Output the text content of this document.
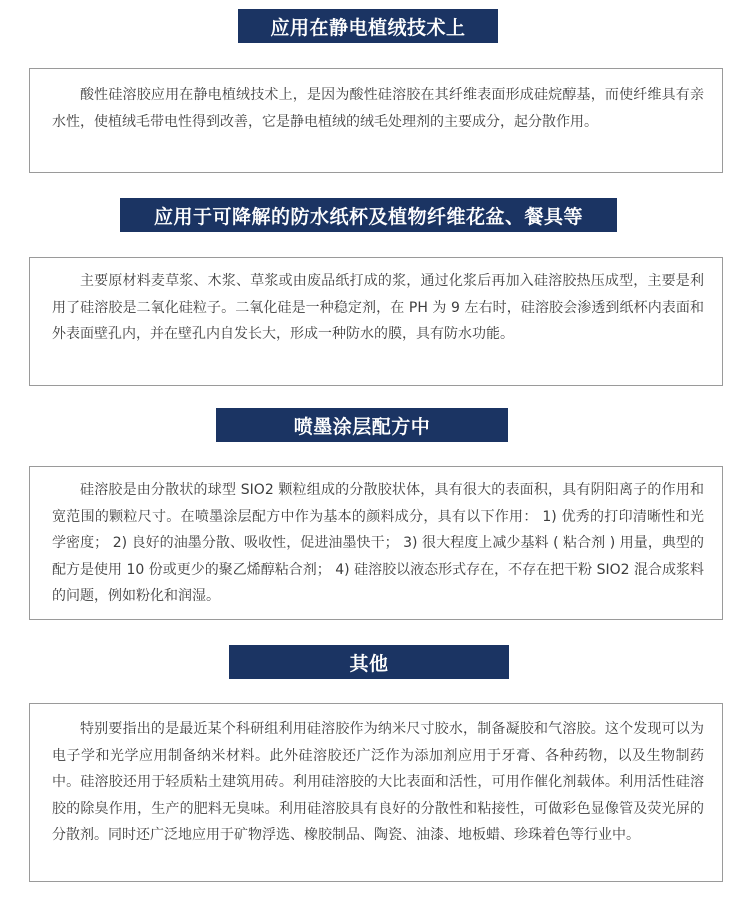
应用在静电植绒技术上

酸性硅溶胶应用在静电植绒技术上，是因为酸性硅溶胶在其纤维表面形成硅烷醇基，而使纤维具有亲水性，使植绒毛带电性得到改善，它是静电植绒的绒毛处理剂的主要成分，起分散作用。

应用于可降解的防水纸杯及植物纤维花盆、餐具等

主要原材料麦草浆、木浆、草浆或由废品纸打成的浆，通过化浆后再加入硅溶胶热压成型，主要是利用了硅溶胶是二氧化硅粒子。二氧化硅是一种稳定剂，在 PH 为 9 左右时，硅溶胶会渗透到纸杯内表面和外表面壁孔内，并在壁孔内自发长大，形成一种防水的膜，具有防水功能。

喷墨涂层配方中

硅溶胶是由分散状的球型 SIO2 颗粒组成的分散胶状体，具有很大的表面积，具有阴阳离子的作用和宽范围的颗粒尺寸。在喷墨涂层配方中作为基本的颜料成分，具有以下作用： 1) 优秀的打印清晰性和光学密度； 2) 良好的油墨分散、吸收性，促进油墨快干； 3) 很大程度上减少基料 ( 粘合剂 ) 用量，典型的配方是使用 10 份或更少的聚乙烯醇粘合剂； 4) 硅溶胶以液态形式存在，不存在把干粉 SIO2 混合成浆料的问题，例如粉化和润湿。

其他

特别要指出的是最近某个科研组利用硅溶胶作为纳米尺寸胶水，制备凝胶和气溶胶。这个发现可以为电子学和光学应用制备纳米材料。此外硅溶胶还广泛作为添加剂应用于牙膏、各种药物，以及生物制药中。硅溶胶还用于轻质粘土建筑用砖。利用硅溶胶的大比表面和活性，可用作催化剂载体。利用活性硅溶胶的除臭作用，生产的肥料无臭味。利用硅溶胶具有良好的分散性和粘接性，可做彩色显像管及荧光屏的分散剂。同时还广泛地应用于矿物浮选、橡胶制品、陶瓷、油漆、地板蜡、珍珠着色等行业中。
